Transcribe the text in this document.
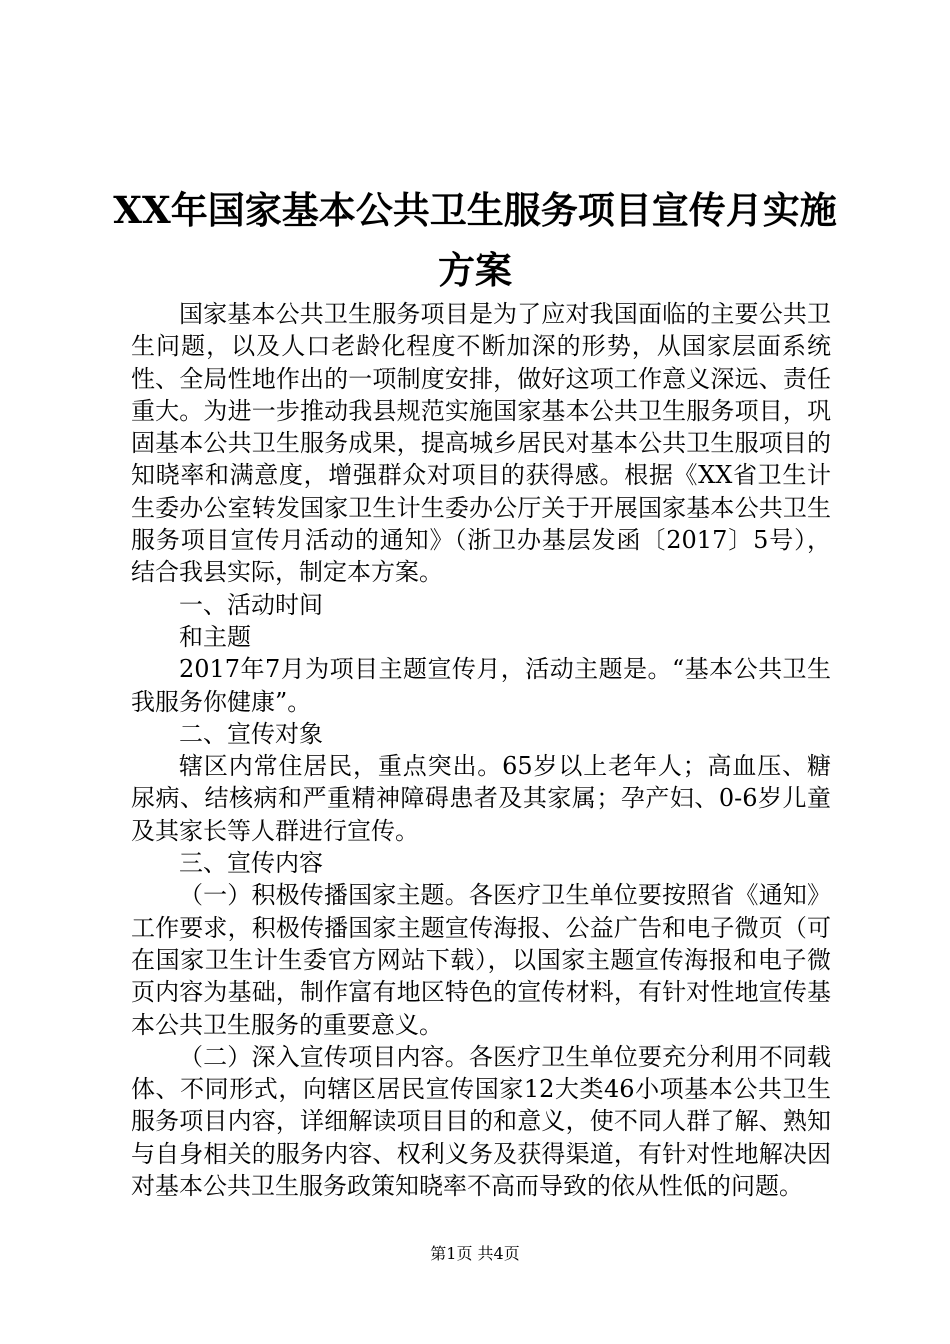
XX年国家基本公共卫生服务项目宣传月实施
方案

国家基本公共卫生服务项目是为了应对我国面临的主要公共卫生问题，以及人口老龄化程度不断加深的形势，从国家层面系统性、全局性地作出的一项制度安排，做好这项工作意义深远、责任重大。为进一步推动我县规范实施国家基本公共卫生服务项目，巩固基本公共卫生服务成果，提高城乡居民对基本公共卫生服项目的知晓率和满意度，增强群众对项目的获得感。根据《XX省卫生计生委办公室转发国家卫生计生委办公厅关于开展国家基本公共卫生服务项目宣传月活动的通知》（浙卫办基层发函〔2017〕5号），结合我县实际，制定本方案。

一、活动时间

和主题

2017年7月为项目主题宣传月，活动主题是。“基本公共卫生我服务你健康”。

二、宣传对象

辖区内常住居民，重点突出。65岁以上老年人；高血压、糖尿病、结核病和严重精神障碍患者及其家属；孕产妇、0-6岁儿童及其家长等人群进行宣传。

三、宣传内容

（一）积极传播国家主题。各医疗卫生单位要按照省《通知》工作要求，积极传播国家主题宣传海报、公益广告和电子微页（可在国家卫生计生委官方网站下载），以国家主题宣传海报和电子微页内容为基础，制作富有地区特色的宣传材料，有针对性地宣传基本公共卫生服务的重要意义。

（二）深入宣传项目内容。各医疗卫生单位要充分利用不同载体、不同形式，向辖区居民宣传国家12大类46小项基本公共卫生服务项目内容，详细解读项目目的和意义，使不同人群了解、熟知与自身相关的服务内容、权利义务及获得渠道，有针对性地解决因对基本公共卫生服务政策知晓率不高而导致的依从性低的问题。

第1页 共4页
